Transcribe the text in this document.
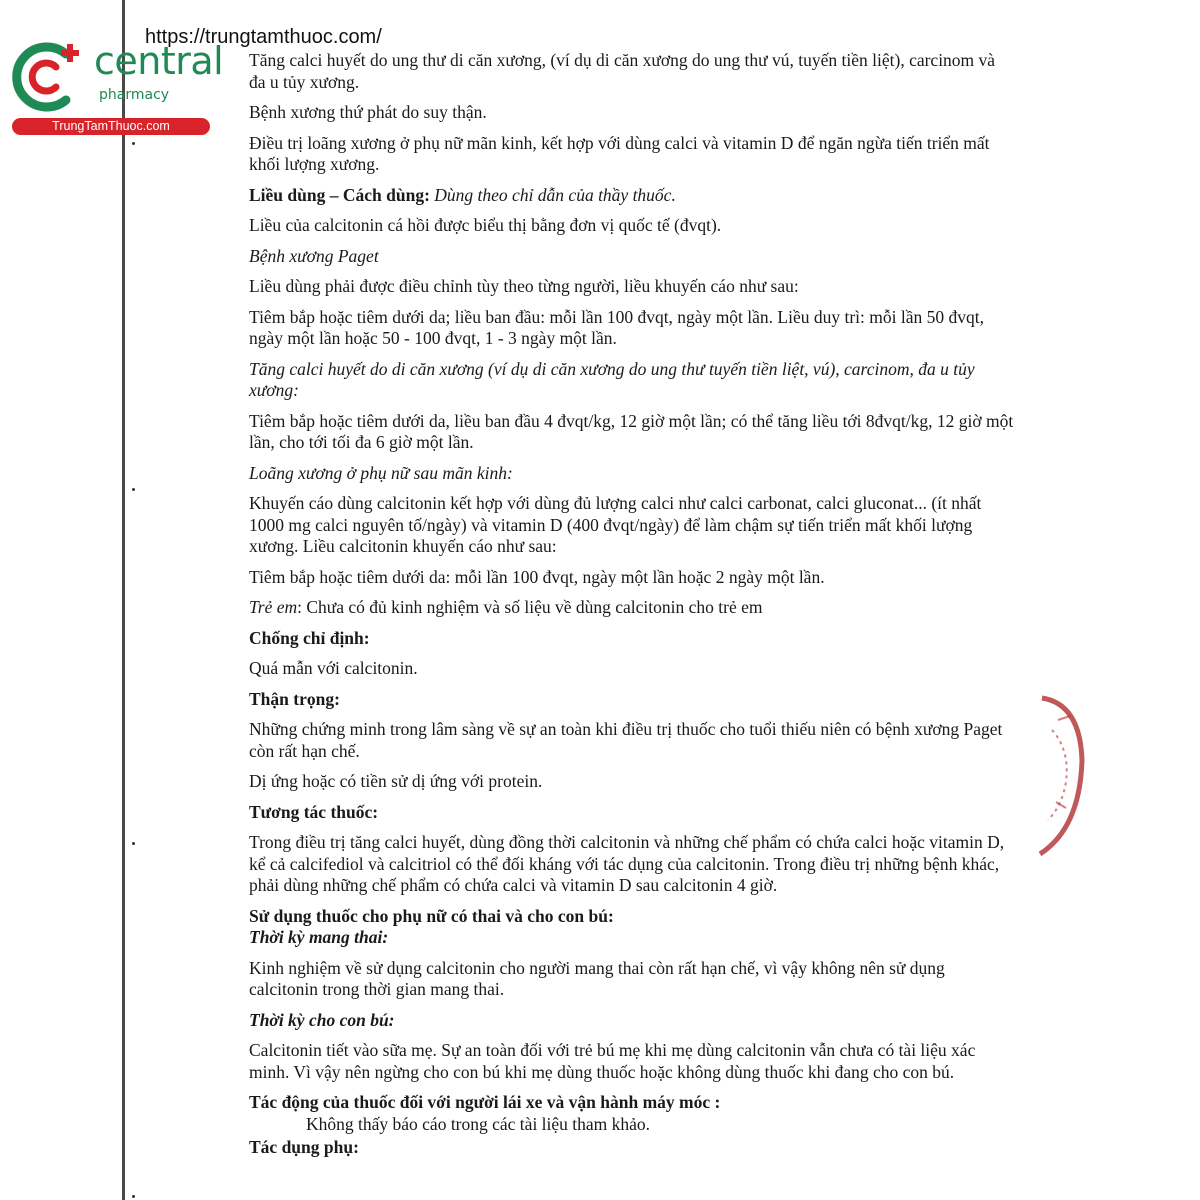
central
pharmacy
TrungTamThuoc.com
https://trungtamthuoc.com/

Tăng calci huyết do ung thư di căn xương, (ví dụ di căn xương do ung thư vú, tuyến tiền liệt), carcinom và đa u tủy xương.

Bệnh xương thứ phát do suy thận.

Điều trị loãng xương ở phụ nữ mãn kinh, kết hợp với dùng calci và vitamin D để ngăn ngừa tiến triển mất khối lượng xương.

Liều dùng – Cách dùng: Dùng theo chỉ dẫn của thầy thuốc.

Liều của calcitonin cá hồi được biểu thị bằng đơn vị quốc tế (đvqt).

Bệnh xương Paget

Liều dùng phải được điều chỉnh tùy theo từng người, liều khuyến cáo như sau:

Tiêm bắp hoặc tiêm dưới da; liều ban đầu: mỗi lần 100 đvqt, ngày một lần. Liều duy trì: mỗi lần 50 đvqt, ngày một lần hoặc 50 - 100 đvqt, 1 - 3 ngày một lần.

Tăng calci huyết do di căn xương (ví dụ di căn xương do ung thư tuyến tiền liệt, vú), carcinom, đa u tủy xương:

Tiêm bắp hoặc tiêm dưới da, liều ban đầu 4 đvqt/kg, 12 giờ một lần; có thể tăng liều tới 8đvqt/kg, 12 giờ một lần, cho tới tối đa 6 giờ một lần.

Loãng xương ở phụ nữ sau mãn kinh:

Khuyến cáo dùng calcitonin kết hợp với dùng đủ lượng calci như calci carbonat, calci gluconat... (ít nhất 1000 mg calci nguyên tố/ngày) và vitamin D (400 đvqt/ngày) để làm chậm sự tiến triển mất khối lượng xương. Liều calcitonin khuyến cáo như sau:

Tiêm bắp hoặc tiêm dưới da: mỗi lần 100 đvqt, ngày một lần hoặc 2 ngày một lần.

Trẻ em: Chưa có đủ kinh nghiệm và số liệu về dùng calcitonin cho trẻ em

Chống chỉ định:

Quá mẫn với calcitonin.

Thận trọng:

Những chứng minh trong lâm sàng về sự an toàn khi điều trị thuốc cho tuổi thiếu niên có bệnh xương Paget còn rất hạn chế.

Dị ứng hoặc có tiền sử dị ứng với protein.

Tương tác thuốc:

Trong điều trị tăng calci huyết, dùng đồng thời calcitonin và những chế phẩm có chứa calci hoặc vitamin D, kể cả calcifediol và calcitriol có thể đối kháng với tác dụng của calcitonin. Trong điều trị những bệnh khác, phải dùng những chế phẩm có chứa calci và vitamin D sau calcitonin 4 giờ.

Sử dụng thuốc cho phụ nữ có thai và cho con bú:

Thời kỳ mang thai:

Kinh nghiệm về sử dụng calcitonin cho người mang thai còn rất hạn chế, vì vậy không nên sử dụng calcitonin trong thời gian mang thai.

Thời kỳ cho con bú:

Calcitonin tiết vào sữa mẹ. Sự an toàn đối với trẻ bú mẹ khi mẹ dùng calcitonin vẫn chưa có tài liệu xác minh. Vì vậy nên ngừng cho con bú khi mẹ dùng thuốc hoặc không dùng thuốc khi đang cho con bú.

Tác động của thuốc đối với người lái xe và vận hành máy móc :

Không thấy báo cáo trong các tài liệu tham khảo.

Tác dụng phụ:
